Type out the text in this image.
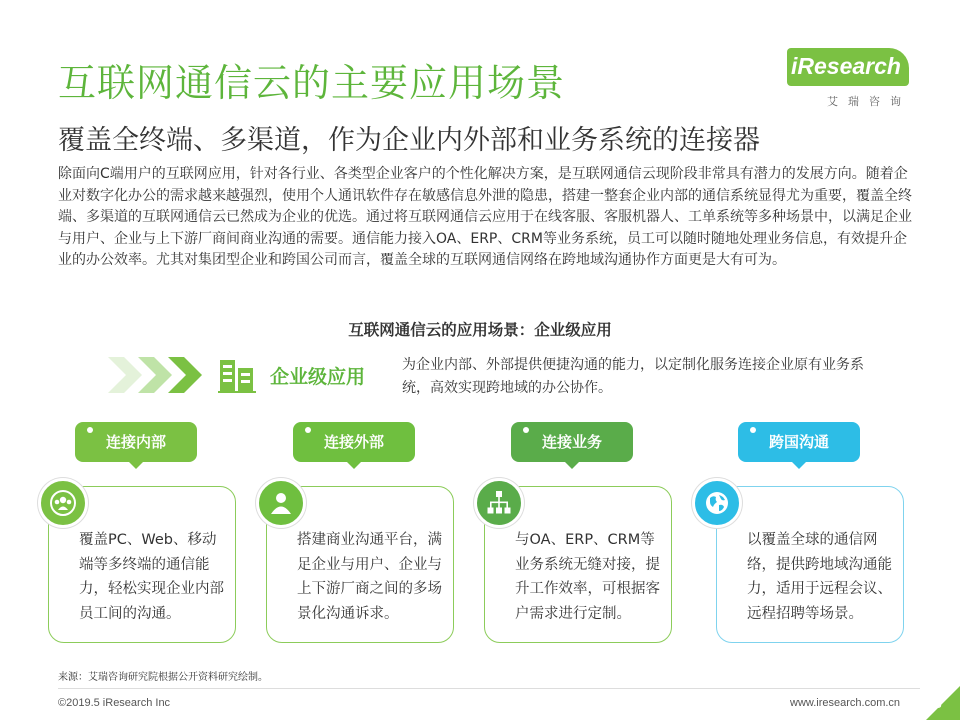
互联网通信云的主要应用场景
覆盖全终端、多渠道，作为企业内外部和业务系统的连接器
iResearch
艾瑞咨询
除面向C端用户的互联网应用，针对各行业、各类型企业客户的个性化解决方案，是互联网通信云现阶段非常具有潜力的发展方向。随着企业对数字化办公的需求越来越强烈，使用个人通讯软件存在敏感信息外泄的隐患，搭建一整套企业内部的通信系统显得尤为重要，覆盖全终端、多渠道的互联网通信云已然成为企业的优选。通过将互联网通信云应用于在线客服、客服机器人、工单系统等多种场景中，以满足企业与用户、企业与上下游厂商间商业沟通的需要。通信能力接入OA、ERP、CRM等业务系统，员工可以随时随地处理业务信息，有效提升企业的办公效率。尤其对集团型企业和跨国公司而言，覆盖全球的互联网通信网络在跨地域沟通协作方面更是大有可为。
互联网通信云的应用场景：企业级应用
企业级应用
为企业内部、外部提供便捷沟通的能力，以定制化服务连接企业原有业务系统，高效实现跨地域的办公协作。
覆盖PC、Web、移动端等多终端的通信能力，轻松实现企业内部员工间的沟通。
连接内部
搭建商业沟通平台，满足企业与用户、企业与上下游厂商之间的多场景化沟通诉求。
连接外部
与OA、ERP、CRM等业务系统无缝对接，提升工作效率，可根据客户需求进行定制。
连接业务
以覆盖全球的通信网络，提供跨地域沟通能力，适用于远程会议、远程招聘等场景。
跨国沟通
来源：艾瑞咨询研究院根据公开资料研究绘制。
©2019.5 iResearch Inc	www.iresearch.com.cn 8
